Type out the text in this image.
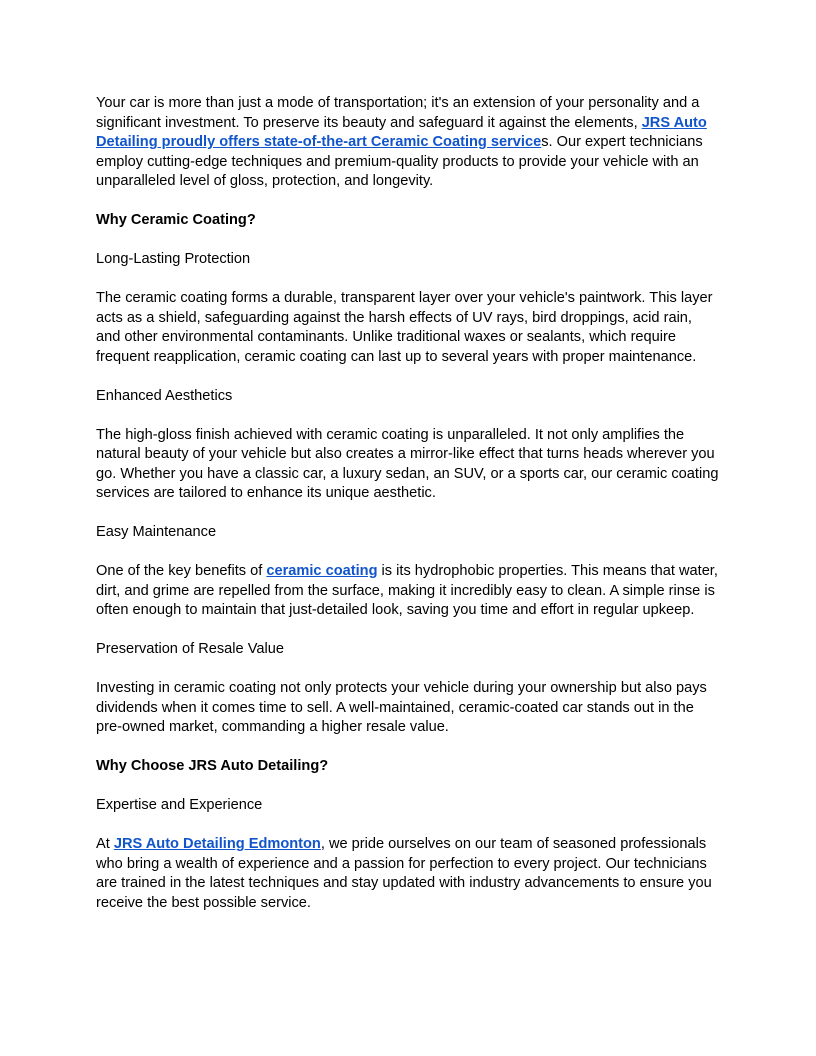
Your car is more than just a mode of transportation; it's an extension of your personality and a significant investment. To preserve its beauty and safeguard it against the elements, JRS Auto Detailing proudly offers state-of-the-art Ceramic Coating services. Our expert technicians employ cutting-edge techniques and premium-quality products to provide your vehicle with an unparalleled level of gloss, protection, and longevity.

Why Ceramic Coating?

Long-Lasting Protection

The ceramic coating forms a durable, transparent layer over your vehicle's paintwork. This layer acts as a shield, safeguarding against the harsh effects of UV rays, bird droppings, acid rain, and other environmental contaminants. Unlike traditional waxes or sealants, which require frequent reapplication, ceramic coating can last up to several years with proper maintenance.

Enhanced Aesthetics

The high-gloss finish achieved with ceramic coating is unparalleled. It not only amplifies the natural beauty of your vehicle but also creates a mirror-like effect that turns heads wherever you go. Whether you have a classic car, a luxury sedan, an SUV, or a sports car, our ceramic coating services are tailored to enhance its unique aesthetic.

Easy Maintenance

One of the key benefits of ceramic coating is its hydrophobic properties. This means that water, dirt, and grime are repelled from the surface, making it incredibly easy to clean. A simple rinse is often enough to maintain that just-detailed look, saving you time and effort in regular upkeep.

Preservation of Resale Value

Investing in ceramic coating not only protects your vehicle during your ownership but also pays dividends when it comes time to sell. A well-maintained, ceramic-coated car stands out in the pre-owned market, commanding a higher resale value.

Why Choose JRS Auto Detailing?

Expertise and Experience

At JRS Auto Detailing Edmonton, we pride ourselves on our team of seasoned professionals who bring a wealth of experience and a passion for perfection to every project. Our technicians are trained in the latest techniques and stay updated with industry advancements to ensure you receive the best possible service.
